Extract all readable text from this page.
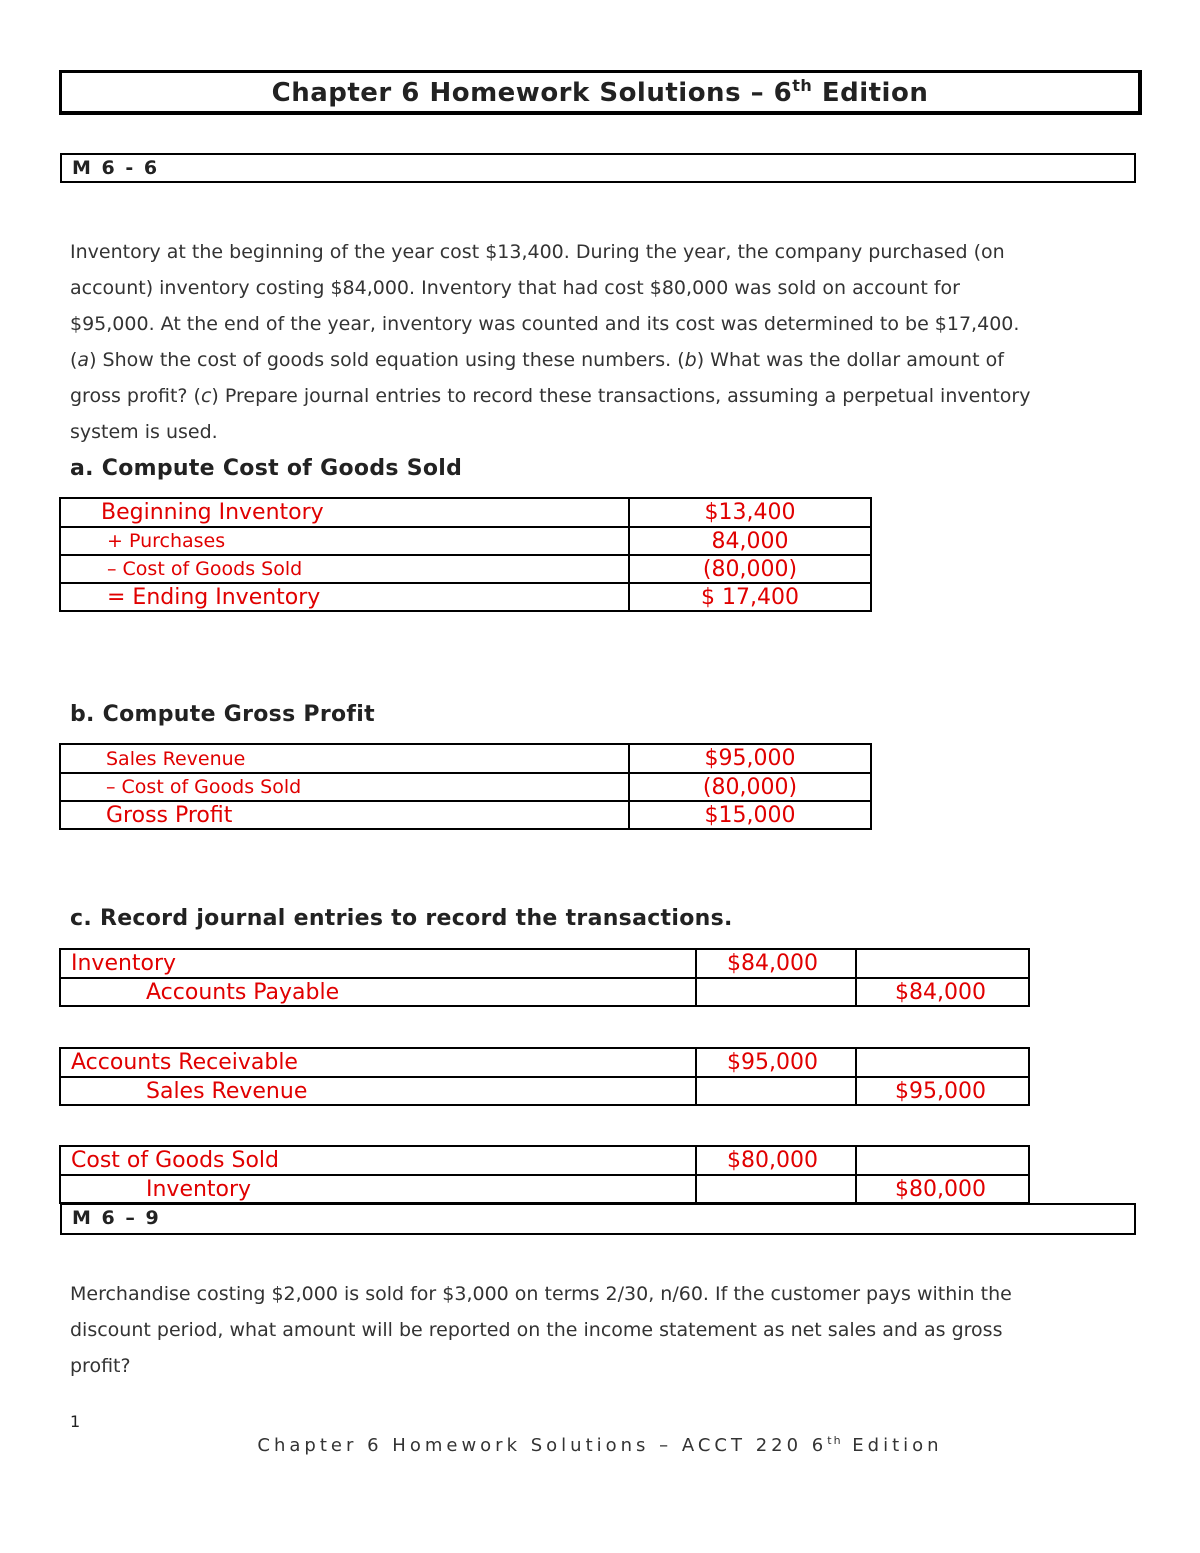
Chapter 6 Homework Solutions – 6th Edition
M 6 - 6
Inventory at the beginning of the year cost $13,400. During the year, the company purchased (on
account) inventory costing $84,000. Inventory that had cost $80,000 was sold on account for
$95,000. At the end of the year, inventory was counted and its cost was determined to be $17,400.
(a) Show the cost of goods sold equation using these numbers. (b) What was the dollar amount of
gross profit? (c) Prepare journal entries to record these transactions, assuming a perpetual inventory
system is used.
a. Compute Cost of Goods Sold
Beginning Inventory	$13,400
+ Purchases	84,000
– Cost of Goods Sold	(80,000)
= Ending Inventory	$ 17,400
b. Compute Gross Profit
Sales Revenue	$95,000
– Cost of Goods Sold	(80,000)
Gross Profit	$15,000
c. Record journal entries to record the transactions.
Inventory	$84,000	
Accounts Payable		$84,000
Accounts Receivable	$95,000	
Sales Revenue		$95,000
Cost of Goods Sold	$80,000	
Inventory		$80,000
M 6 – 9
Merchandise costing $2,000 is sold for $3,000 on terms 2/30, n/60. If the customer pays within the
discount period, what amount will be reported on the income statement as net sales and as gross
profit?
1
Chapter 6 Homework Solutions – ACCT 220 6th Edition
